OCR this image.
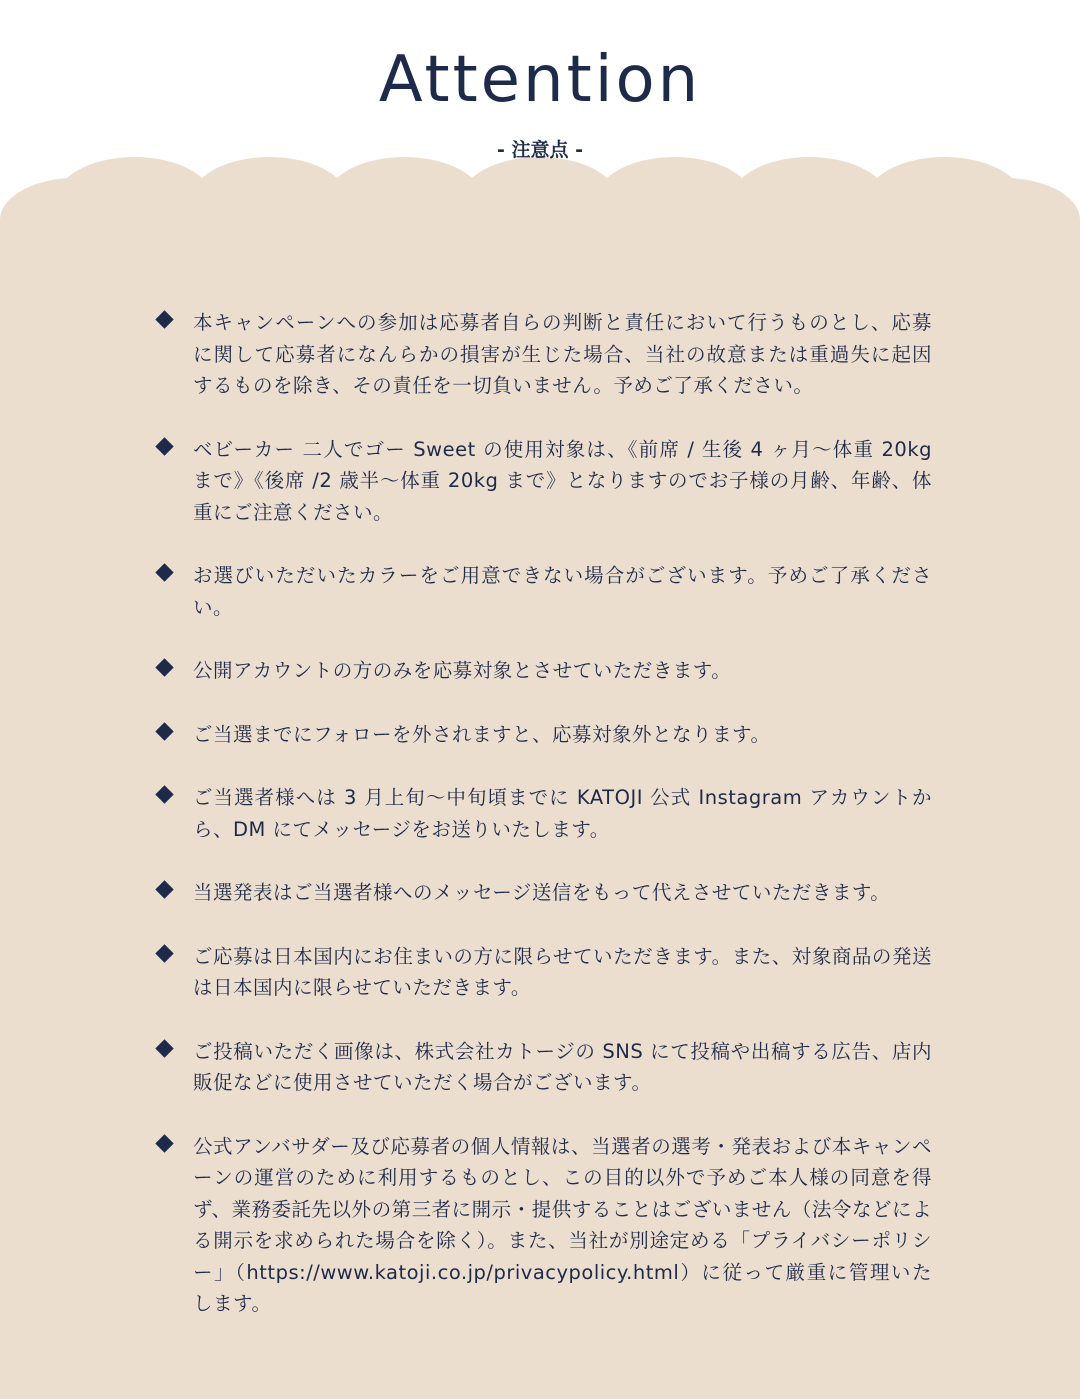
Attention
- 注意点 -
本キャンペーンへの参加は応募者自らの判断と責任において行うものとし、応募に関して応募者になんらかの損害が生じた場合、当社の故意または重過失に起因するものを除き、その責任を一切負いません。予めご了承ください。
ベビーカー 二人でゴー Sweet の使用対象は、《前席 / 生後 4 ヶ月〜体重 20kg まで》《後席 /2 歳半〜体重 20kg まで》となりますのでお子様の月齢、年齢、体重にご注意ください。
お選びいただいたカラーをご用意できない場合がございます。予めご了承ください。
公開アカウントの方のみを応募対象とさせていただきます。
ご当選までにフォローを外されますと、応募対象外となります。
ご当選者様へは 3 月上旬〜中旬頃までに KATOJI 公式 Instagram アカウントから、DM にてメッセージをお送りいたします。
当選発表はご当選者様へのメッセージ送信をもって代えさせていただきます。
ご応募は日本国内にお住まいの方に限らせていただきます。また、対象商品の発送は日本国内に限らせていただきます。
ご投稿いただく画像は、株式会社カトージの SNS にて投稿や出稿する広告、店内販促などに使用させていただく場合がございます。
公式アンバサダー及び応募者の個人情報は、当選者の選考・発表および本キャンペーンの運営のために利用するものとし、この目的以外で予めご本人様の同意を得ず、業務委託先以外の第三者に開示・提供することはございません（法令などによる開示を求められた場合を除く）。また、当社が別途定める「プライバシーポリシー」（https://www.katoji.co.jp/privacypolicy.html）に従って厳重に管理いたします。
